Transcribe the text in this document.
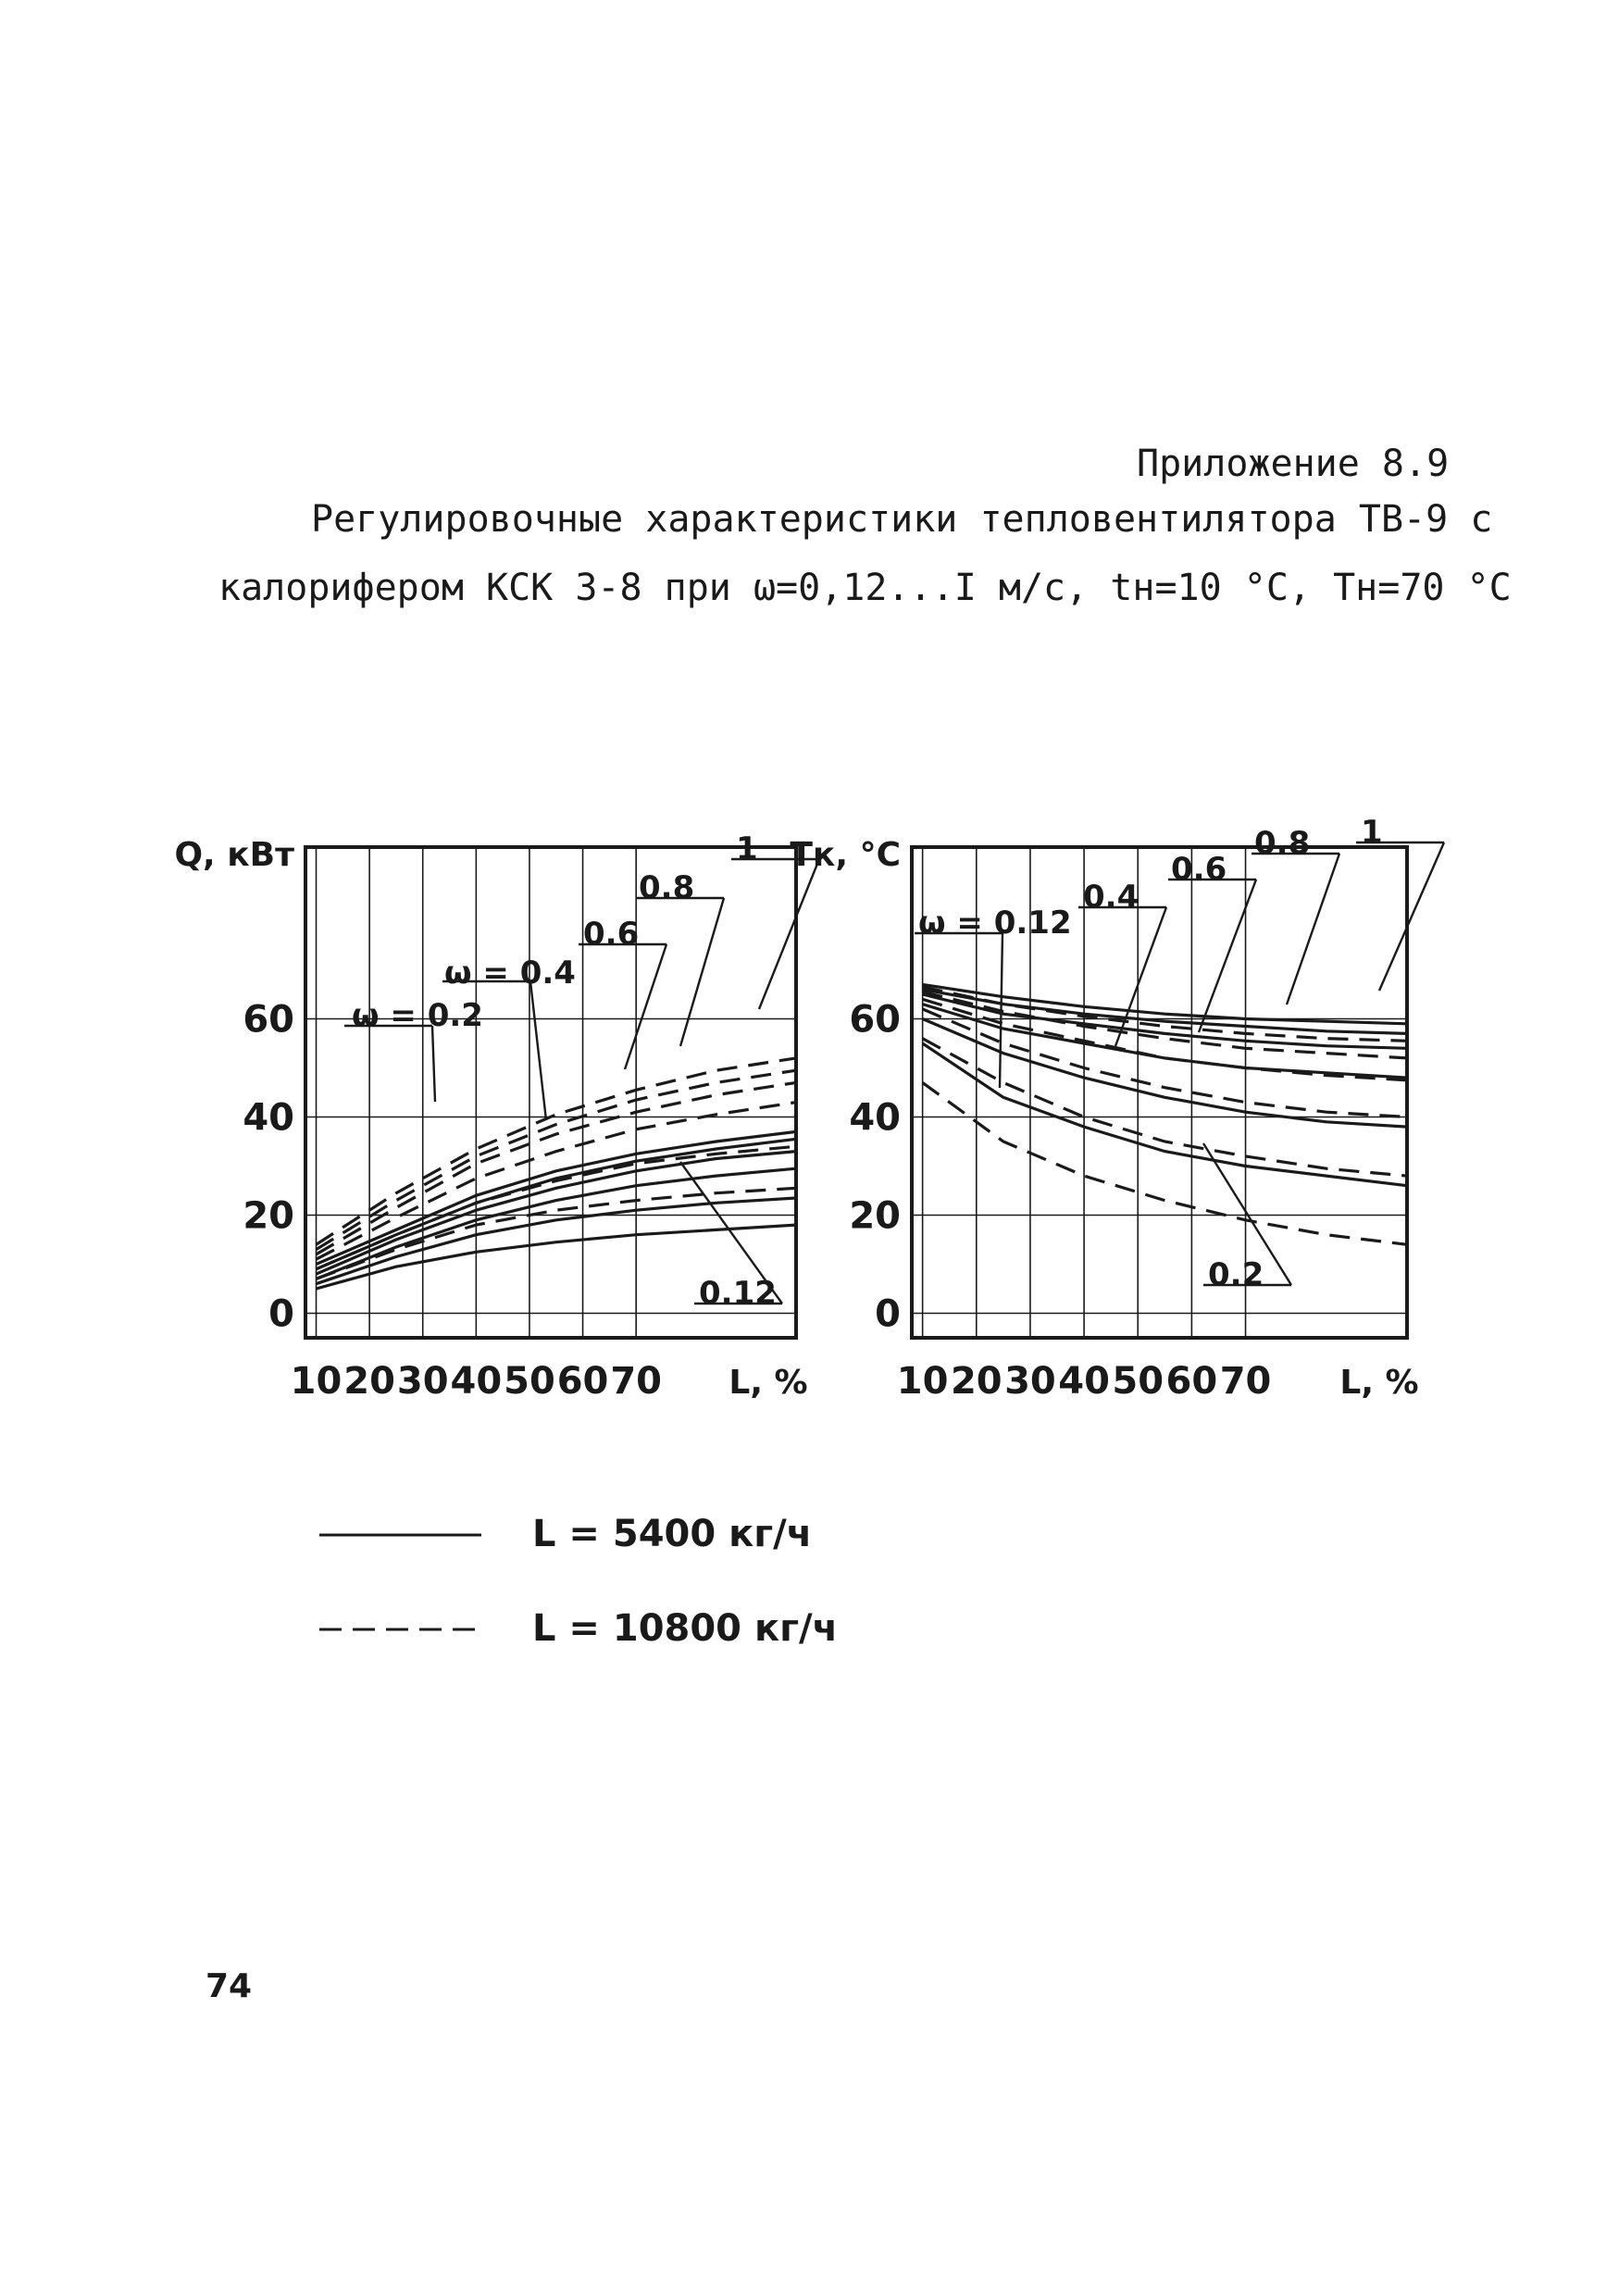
Приложение 8.9
Регулировочные характеристики тепловентилятора ТВ-9 с
калорифером КСК 3-8 при ω=0,12...I м/с, tн=10 °С, Тн=70 °С
10 20 30 40 50 60 70
0
20
40
60
Q, кВт
L, %
ω = 0.2
ω = 0.4
0.6
0.8
1
0.12
10 20 30 40 50 60 70
0
20
40
60
Тк, °С
L, %
ω = 0.12
0.4
0.6
0.8 1
0.2
L = 5400 кг/ч
L = 10800 кг/ч
74
